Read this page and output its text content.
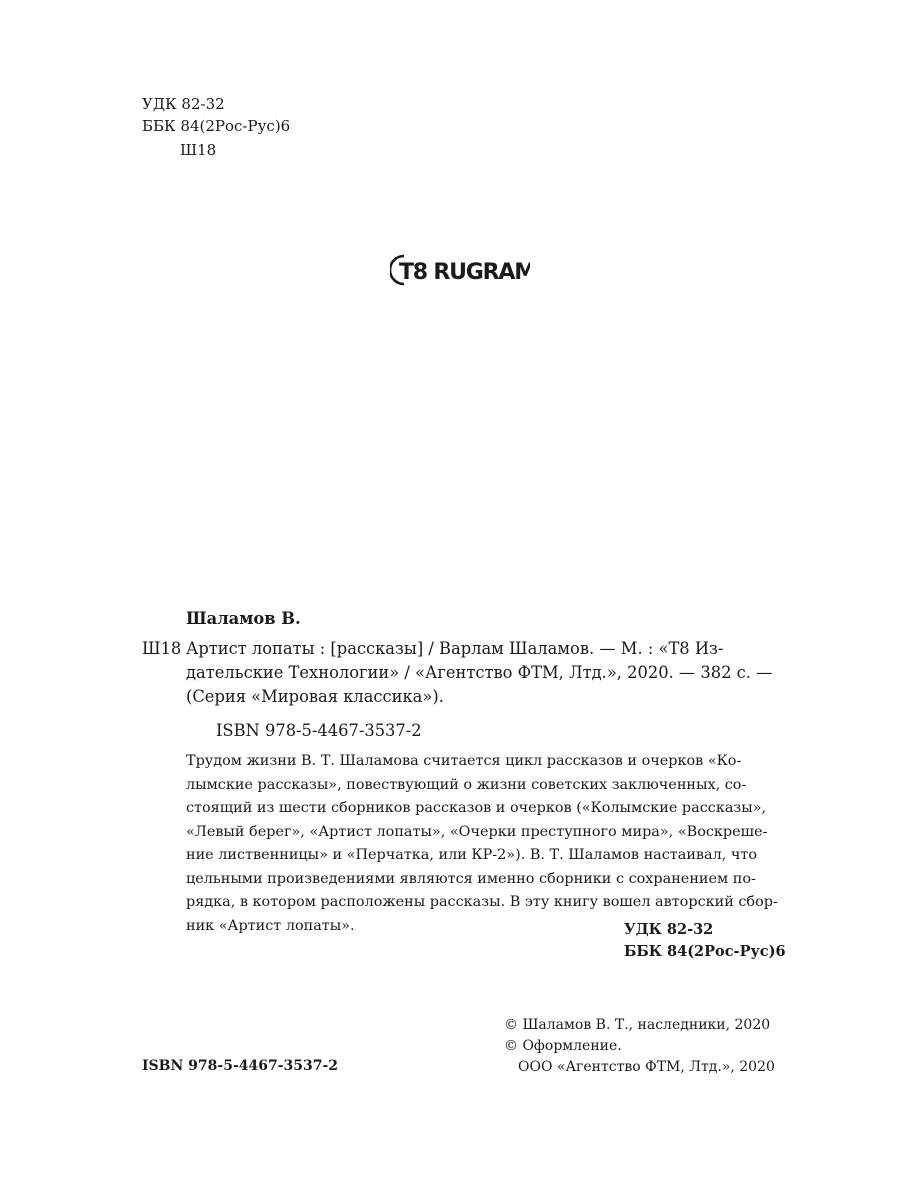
УДК 82-32
ББК 84(2Рос-Рус)6
Ш18
T8 RUGRAM
Шаламов В.
Ш18 Артист лопаты : [рассказы] / Варлам Шаламов. — М. : «Т8 Из-
дательские Технологии» / «Агентство ФТМ, Лтд.», 2020. — 382 с. —
(Серия «Мировая классика»).
ISBN 978-5-4467-3537-2
Трудом жизни В. Т. Шаламова считается цикл рассказов и очерков «Ко-
лымские рассказы», повествующий о жизни советских заключенных, со-
стоящий из шести сборников рассказов и очерков («Колымские рассказы»,
«Левый берег», «Артист лопаты», «Очерки преступного мира», «Воскреше-
ние лиственницы» и «Перчатка, или КР-2»). В. Т. Шаламов настаивал, что
цельными произведениями являются именно сборники с сохранением по-
рядка, в котором расположены рассказы. В эту книгу вошел авторский сбор-
ник «Артист лопаты».	УДК 82-32
ББК 84(2Рос-Рус)6
© Шаламов В. Т., наследники, 2020
© Оформление.
ООО «Агентство ФТМ, Лтд.», 2020
ISBN 978-5-4467-3537-2
